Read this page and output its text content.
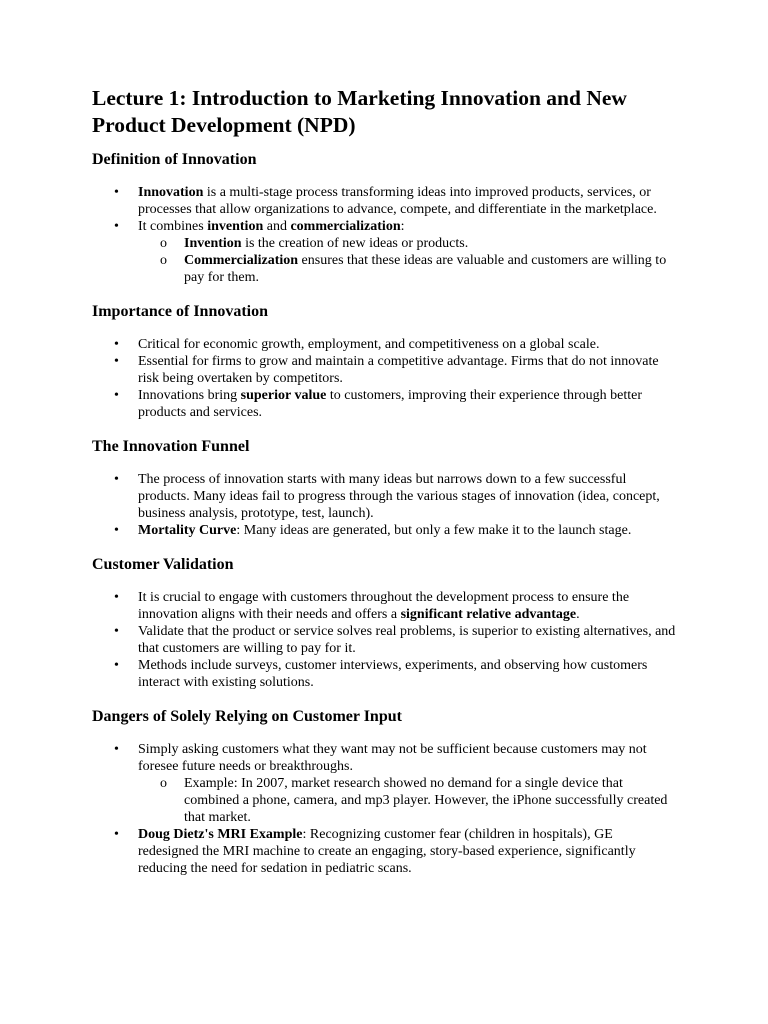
Lecture 1: Introduction to Marketing Innovation and New Product Development (NPD)
Definition of Innovation
• Innovation is a multi-stage process transforming ideas into improved products, services, or processes that allow organizations to advance, compete, and differentiate in the marketplace.
• It combines invention and commercialization:
o Invention is the creation of new ideas or products.
o Commercialization ensures that these ideas are valuable and customers are willing to pay for them.
Importance of Innovation
• Critical for economic growth, employment, and competitiveness on a global scale.
• Essential for firms to grow and maintain a competitive advantage. Firms that do not innovate risk being overtaken by competitors.
• Innovations bring superior value to customers, improving their experience through better products and services.
The Innovation Funnel
• The process of innovation starts with many ideas but narrows down to a few successful products. Many ideas fail to progress through the various stages of innovation (idea, concept, business analysis, prototype, test, launch).
• Mortality Curve: Many ideas are generated, but only a few make it to the launch stage.
Customer Validation
• It is crucial to engage with customers throughout the development process to ensure the innovation aligns with their needs and offers a significant relative advantage.
• Validate that the product or service solves real problems, is superior to existing alternatives, and that customers are willing to pay for it.
• Methods include surveys, customer interviews, experiments, and observing how customers interact with existing solutions.
Dangers of Solely Relying on Customer Input
• Simply asking customers what they want may not be sufficient because customers may not foresee future needs or breakthroughs.
o Example: In 2007, market research showed no demand for a single device that combined a phone, camera, and mp3 player. However, the iPhone successfully created that market.
• Doug Dietz's MRI Example: Recognizing customer fear (children in hospitals), GE redesigned the MRI machine to create an engaging, story-based experience, significantly reducing the need for sedation in pediatric scans.
